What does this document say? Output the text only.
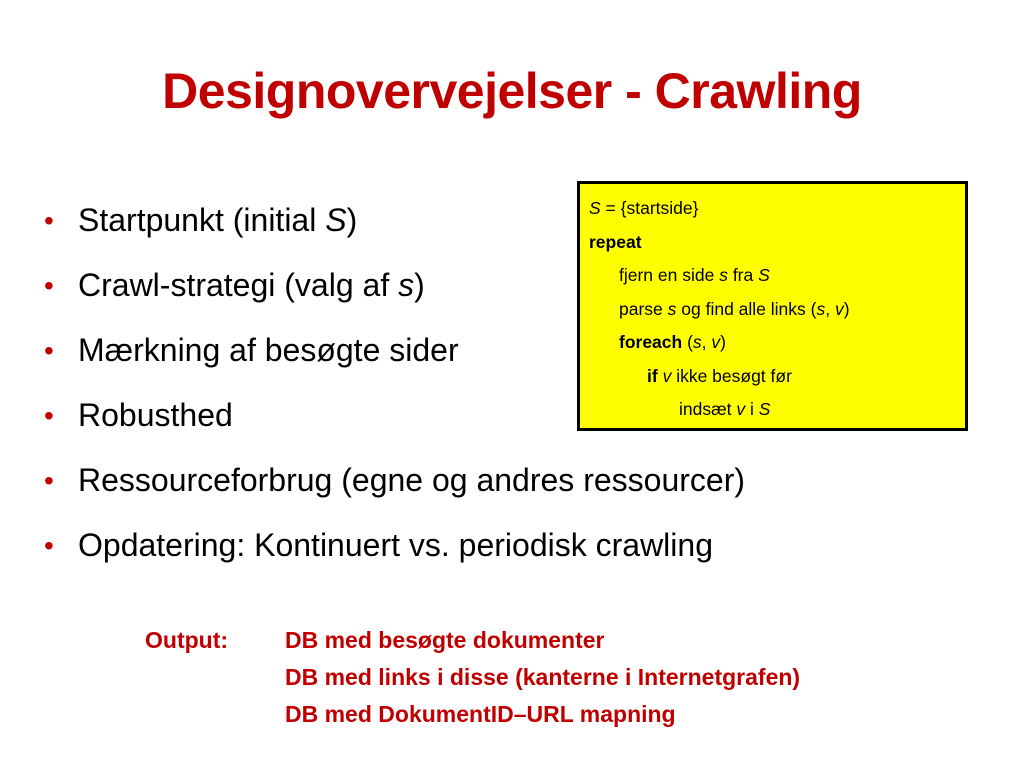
Designovervejelser - Crawling
• Startpunkt (initial S)
• Crawl-strategi (valg af s)
• Mærkning af besøgte sider
• Robusthed
• Ressourceforbrug (egne og andres ressourcer)
• Opdatering: Kontinuert vs. periodisk crawling
S = {startside}
repeat
fjern en side s fra S
parse s og find alle links (s, v)
foreach (s, v)
if v ikke besøgt før
indsæt v i S
Output: DB med besøgte dokumenter
DB med links i disse (kanterne i Internetgrafen)
DB med DokumentID–URL mapning
